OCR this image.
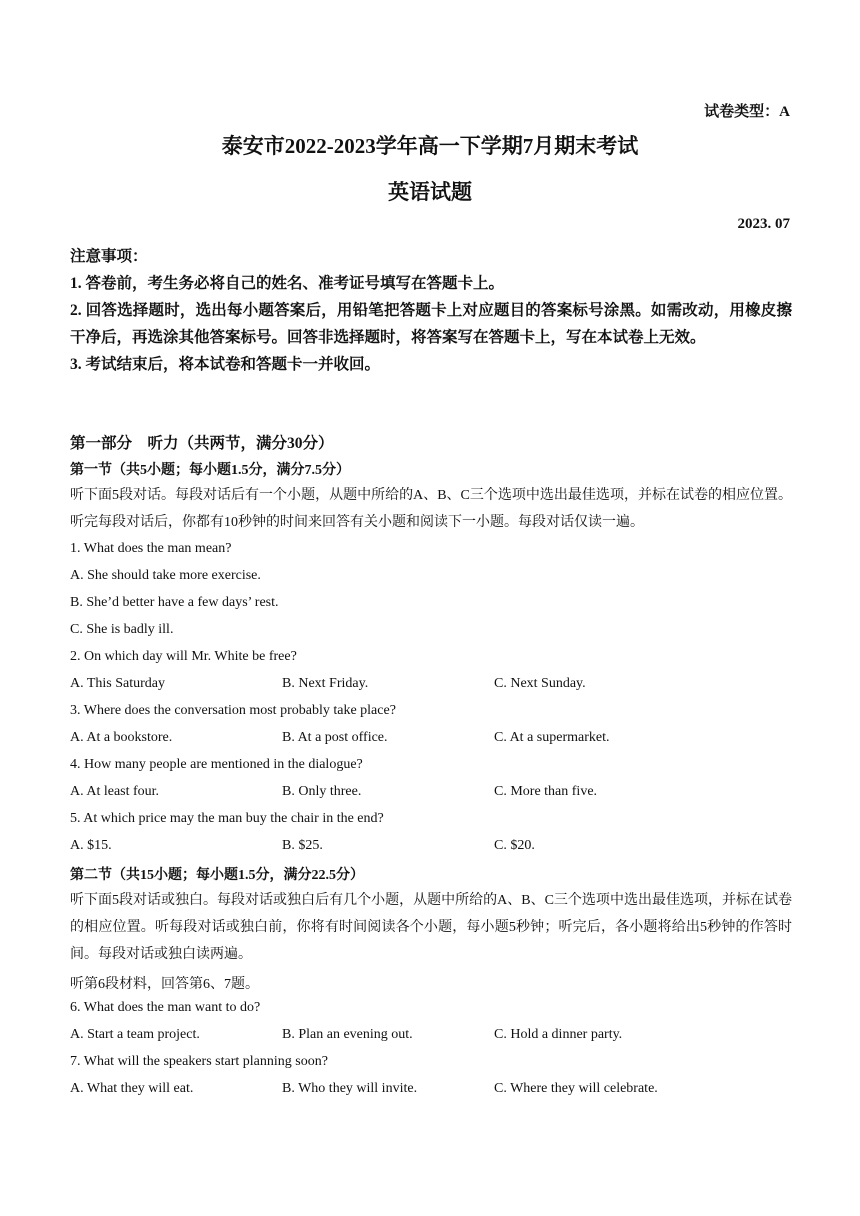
试卷类型：A
泰安市2022-2023学年高一下学期7月期末考试
英语试题
2023. 07

注意事项：

1. 答卷前，考生务必将自己的姓名、准考证号填写在答题卡上。

2. 回答选择题时，选出每小题答案后，用铅笔把答题卡上对应题目的答案标号涂黑。如需改动，用橡皮擦干净后，再选涂其他答案标号。回答非选择题时，将答案写在答题卡上，写在本试卷上无效。

3. 考试结束后，将本试卷和答题卡一并收回。

第一部分　听力（共两节，满分30分）
第一节（共5小题；每小题1.5分，满分7.5分）

听下面5段对话。每段对话后有一个小题，从题中所给的A、B、C三个选项中选出最佳选项，并标在试卷的相应位置。听完每段对话后，你都有10秒钟的时间来回答有关小题和阅读下一小题。每段对话仅读一遍。

1. What does the man mean?
A. She should take more exercise.
B. She’d better have a few days’ rest.
C. She is badly ill.
2. On which day will Mr. White be free?
A. This Saturday	B. Next Friday.	C. Next Sunday.
3. Where does the conversation most probably take place?
A. At a bookstore.	B. At a post office.	C. At a supermarket.
4. How many people are mentioned in the dialogue?
A. At least four.	B. Only three.	C. More than five.
5. At which price may the man buy the chair in the end?
A. $15.	B. $25.	C. $20.
第二节（共15小题；每小题1.5分，满分22.5分）

听下面5段对话或独白。每段对话或独白后有几个小题，从题中所给的A、B、C三个选项中选出最佳选项，并标在试卷的相应位置。听每段对话或独白前，你将有时间阅读各个小题，每小题5秒钟；听完后，各小题将给出5秒钟的作答时间。每段对话或独白读两遍。

听第6段材料，回答第6、7题。
6. What does the man want to do?
A. Start a team project.	B. Plan an evening out.	C. Hold a dinner party.
7. What will the speakers start planning soon?
A. What they will eat.	B. Who they will invite.	C. Where they will celebrate.
